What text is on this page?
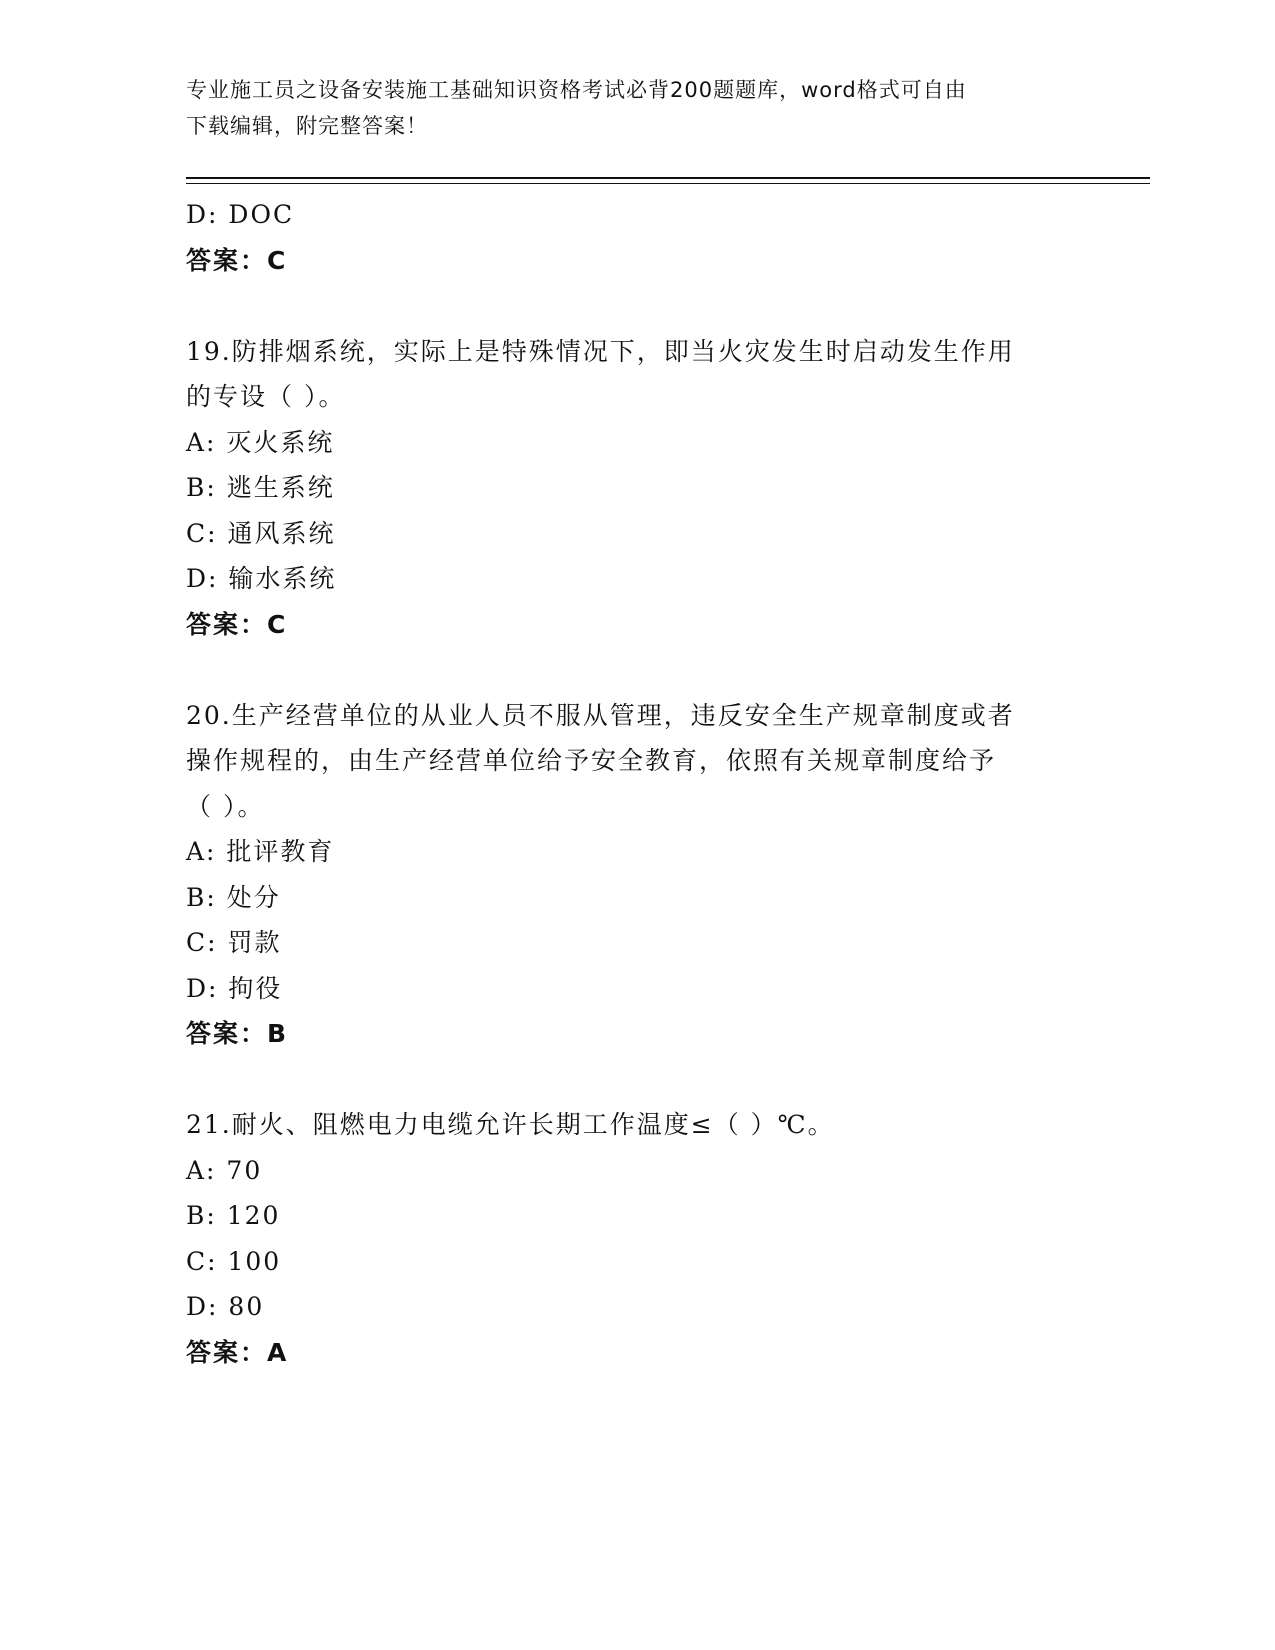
专业施工员之设备安装施工基础知识资格考试必背200题题库，word格式可自由
下载编辑，附完整答案！
D: DOC
答案：C
19.防排烟系统，实际上是特殊情况下，即当火灾发生时启动发生作用
的专设（ ）。
A: 灭火系统
B: 逃生系统
C: 通风系统
D: 输水系统
答案：C
20.生产经营单位的从业人员不服从管理，违反安全生产规章制度或者
操作规程的，由生产经营单位给予安全教育，依照有关规章制度给予
（ ）。
A: 批评教育
B: 处分
C: 罚款
D: 拘役
答案：B
21.耐火、阻燃电力电缆允许长期工作温度≤（ ）℃。
A: 70
B: 120
C: 100
D: 80
答案：A
